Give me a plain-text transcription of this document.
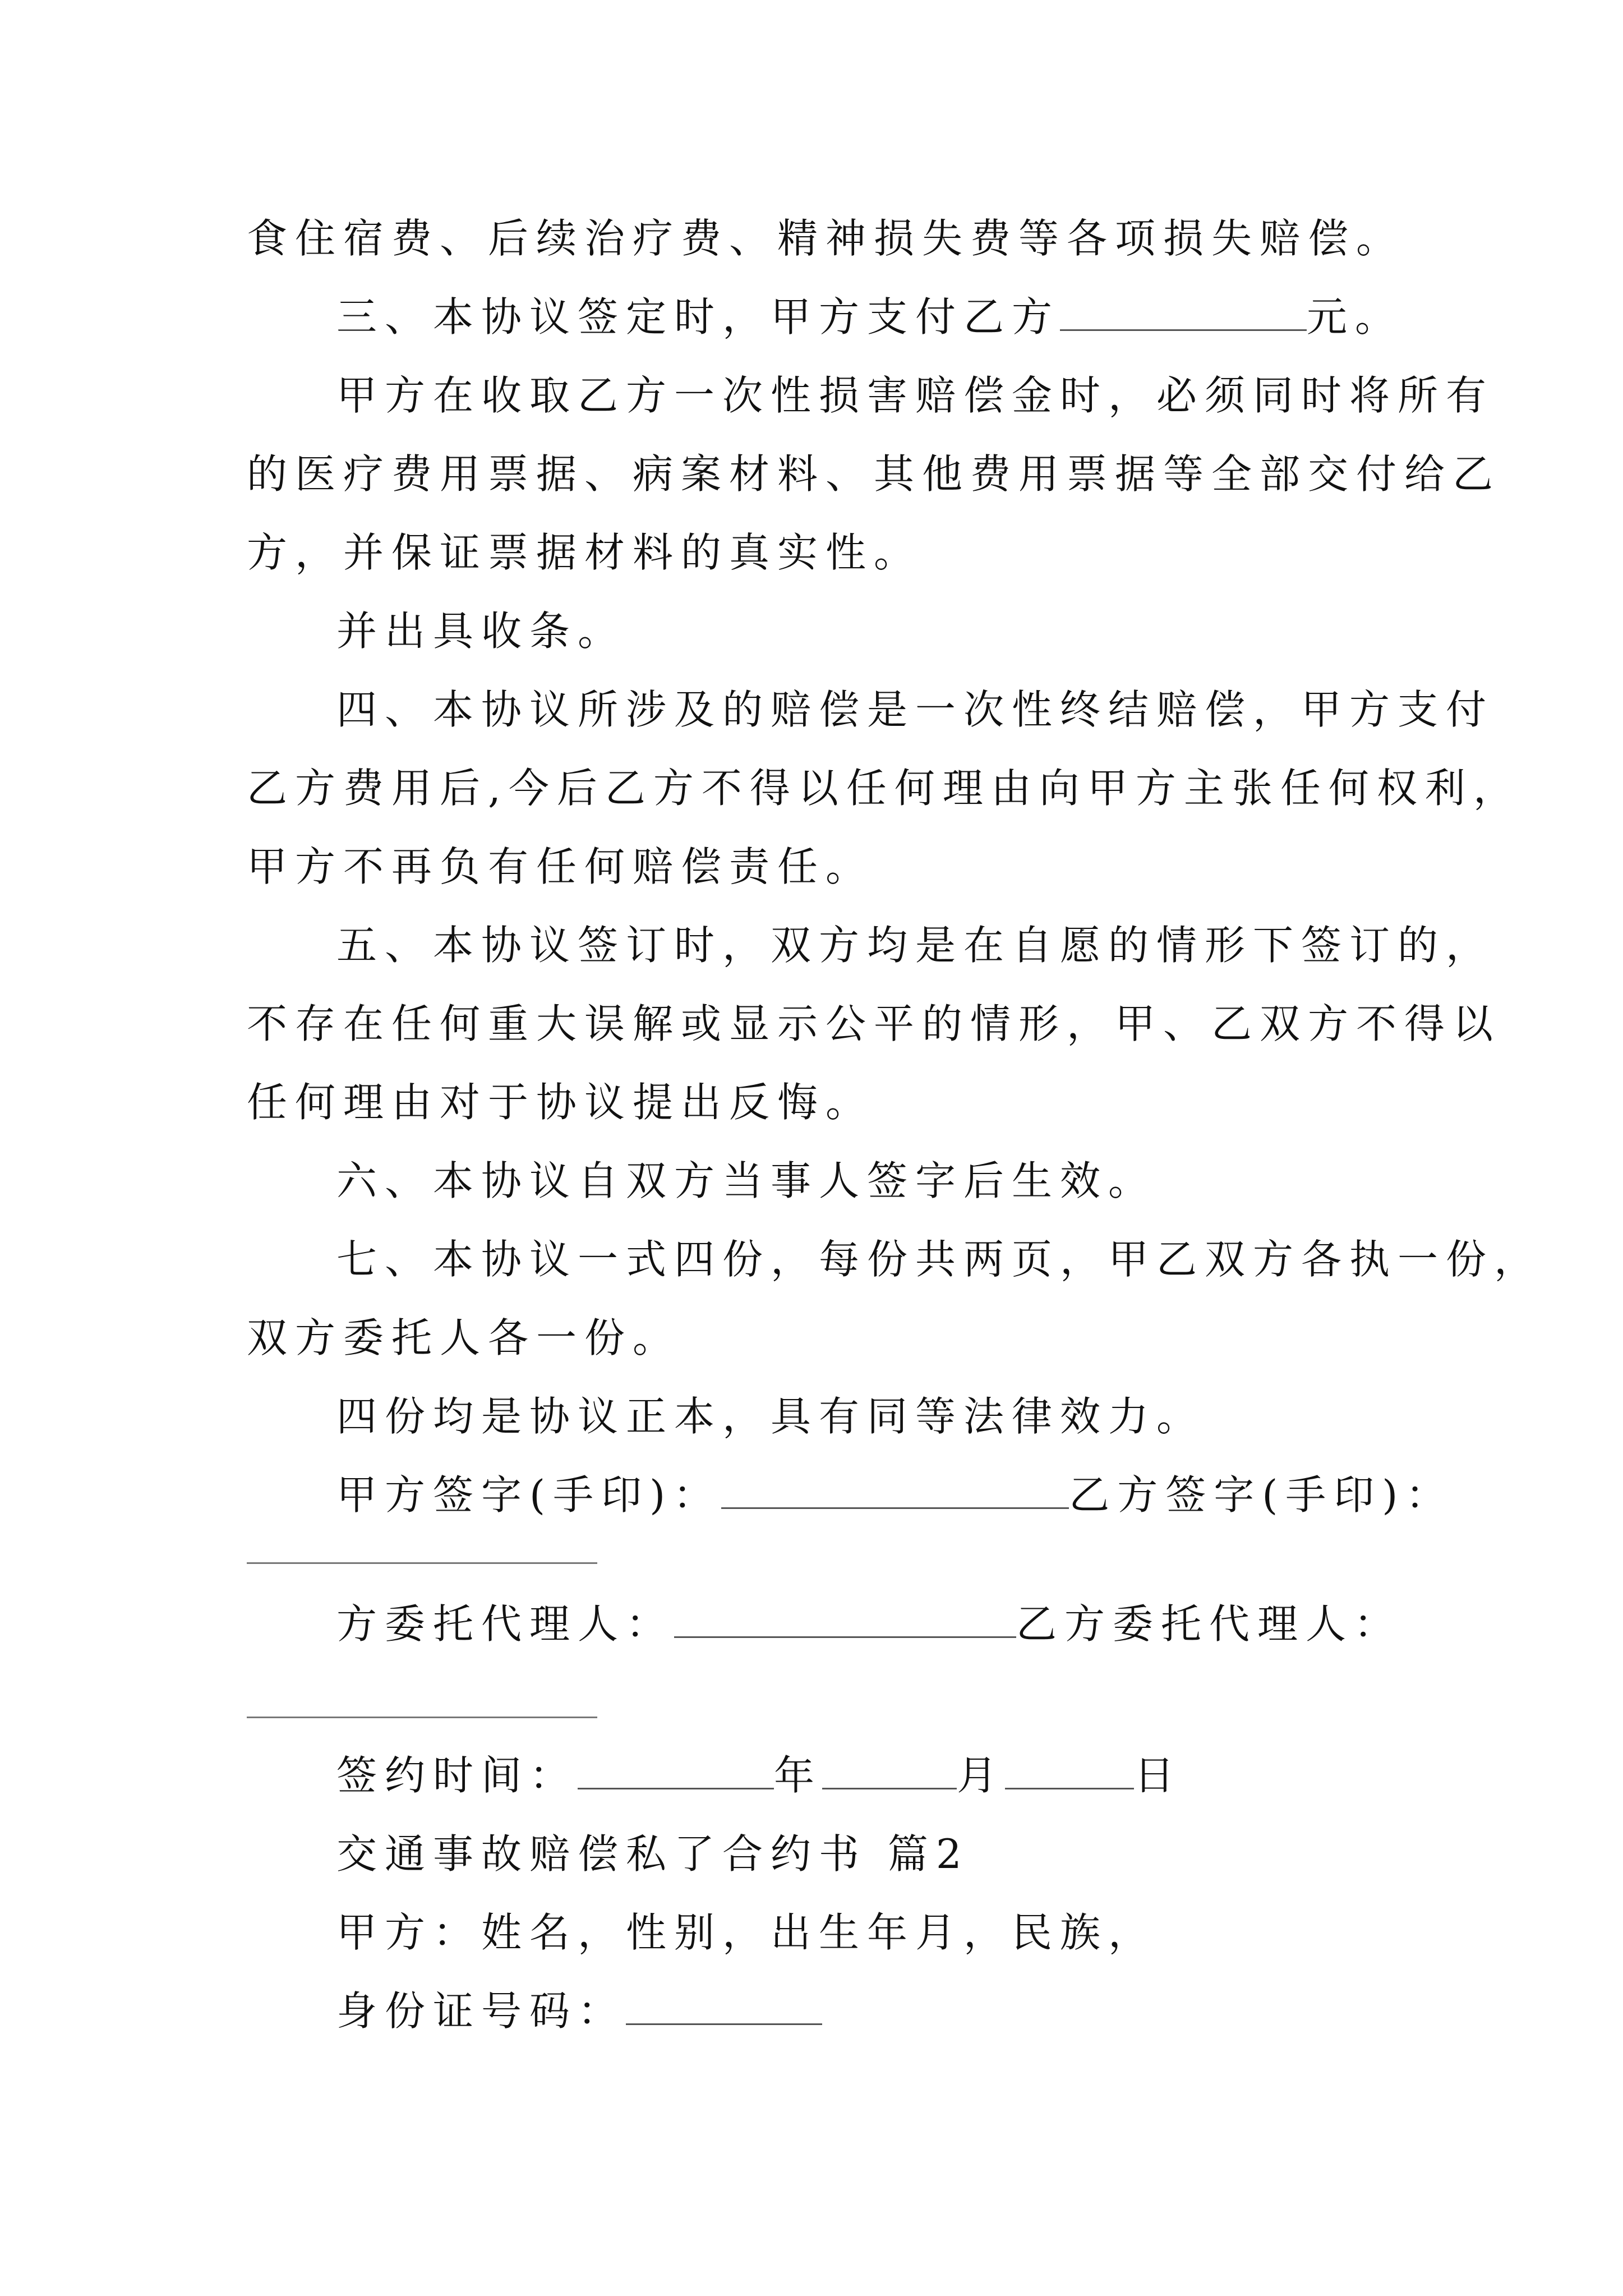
食住宿费、后续治疗费、精神损失费等各项损失赔偿。
三、本协议签定时，甲方支付乙方	元。
甲方在收取乙方一次性损害赔偿金时，必须同时将所有
的医疗费用票据、病案材料、其他费用票据等全部交付给乙
方，并保证票据材料的真实性。
并出具收条。
四、本协议所涉及的赔偿是一次性终结赔偿，甲方支付
乙方费用后,今后乙方不得以任何理由向甲方主张任何权利，
甲方不再负有任何赔偿责任。
五、本协议签订时，双方均是在自愿的情形下签订的，
不存在任何重大误解或显示公平的情形，甲、乙双方不得以
任何理由对于协议提出反悔。
六、本协议自双方当事人签字后生效。
七、本协议一式四份，每份共两页，甲乙双方各执一份，
双方委托人各一份。
四份均是协议正本，具有同等法律效力。
甲方签字(手印)：	乙方签字(手印)：
方委托代理人：	乙方委托代理人：
签约时间：	年	月	日
交通事故赔偿私了合约书 篇2
甲方：姓名，性别，出生年月，民族，
身份证号码：
